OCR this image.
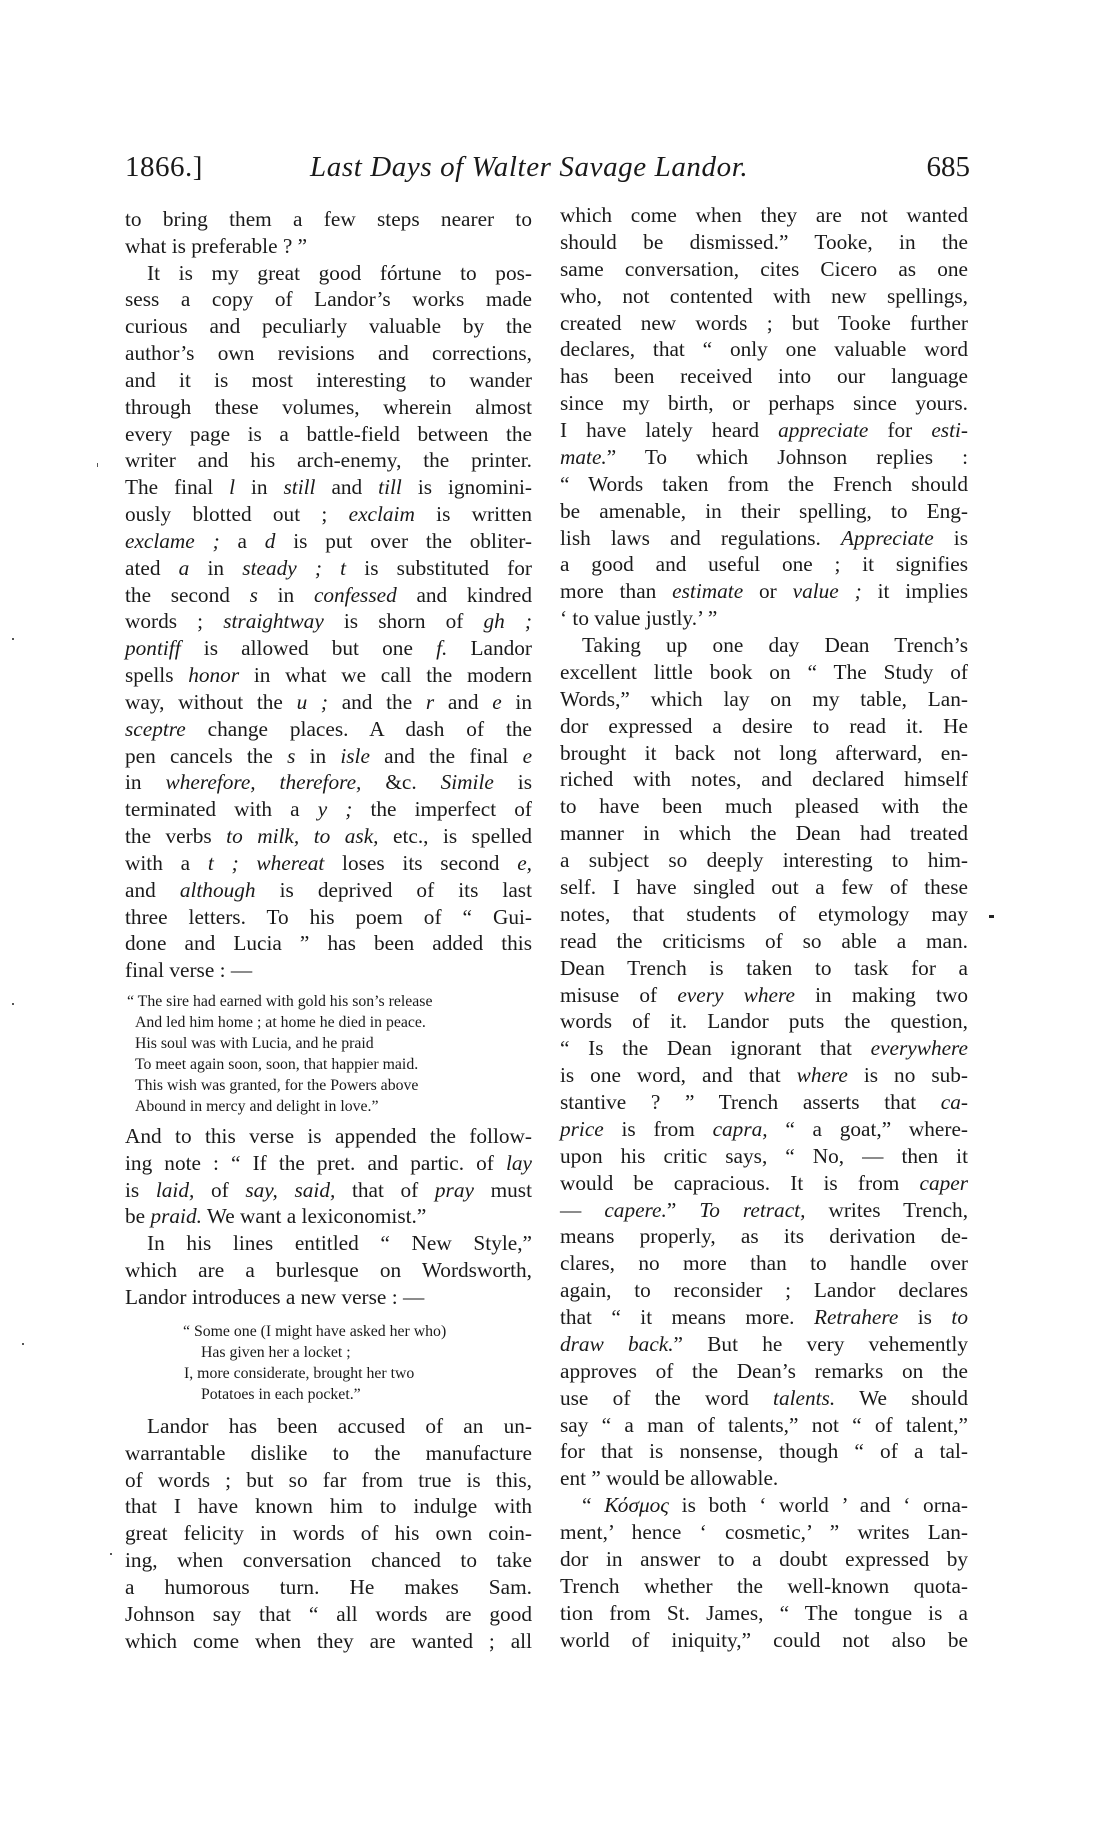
1866.]	Last Days of Walter Savage Landor.	685
to bring them a few steps nearer to
what is preferable ? ”
It is my great good fórtune to pos-
sess a copy of Landor’s works made
curious and peculiarly valuable by the
author’s own revisions and corrections,
and it is most interesting to wander
through these volumes, wherein almost
every page is a battle-field between the
writer and his arch-enemy, the printer.
The final l in still and till is ignomini-
ously blotted out ; exclaim is written
exclame ; a d is put over the obliter-
ated a in steady ; t is substituted for
the second s in confessed and kindred
words ; straightway is shorn of gh ;
pontiff is allowed but one f. Landor
spells honor in what we call the modern
way, without the u ; and the r and e in
sceptre change places. A dash of the
pen cancels the s in isle and the final e
in wherefore, therefore, &c. Simile is
terminated with a y ; the imperfect of
the verbs to milk, to ask, etc., is spelled
with a t ; whereat loses its second e,
and although is deprived of its last
three letters. To his poem of “ Gui-
done and Lucia ” has been added this
final verse : —
“ The sire had earned with gold his son’s release
And led him home ; at home he died in peace.
His soul was with Lucia, and he praid
To meet again soon, soon, that happier maid.
This wish was granted, for the Powers above
Abound in mercy and delight in love.”
And to this verse is appended the follow-
ing note : “ If the pret. and partic. of lay
is laid, of say, said, that of pray must
be praid. We want a lexiconomist.”
In his lines entitled “ New Style,”
which are a burlesque on Wordsworth,
Landor introduces a new verse : —
“ Some one (I might have asked her who)
Has given her a locket ;
I, more considerate, brought her two
Potatoes in each pocket.”
Landor has been accused of an un-
warrantable dislike to the manufacture
of words ; but so far from true is this,
that I have known him to indulge with
great felicity in words of his own coin-
ing, when conversation chanced to take
a humorous turn. He makes Sam.
Johnson say that “ all words are good
which come when they are wanted ; all
which come when they are not wanted
should be dismissed.” Tooke, in the
same conversation, cites Cicero as one
who, not contented with new spellings,
created new words ; but Tooke further
declares, that “ only one valuable word
has been received into our language
since my birth, or perhaps since yours.
I have lately heard appreciate for esti-
mate.” To which Johnson replies :
“ Words taken from the French should
be amenable, in their spelling, to Eng-
lish laws and regulations. Appreciate is
a good and useful one ; it signifies
more than estimate or value ; it implies
‘ to value justly.’ ”
Taking up one day Dean Trench’s
excellent little book on “ The Study of
Words,” which lay on my table, Lan-
dor expressed a desire to read it. He
brought it back not long afterward, en-
riched with notes, and declared himself
to have been much pleased with the
manner in which the Dean had treated
a subject so deeply interesting to him-
self. I have singled out a few of these
notes, that students of etymology may
read the criticisms of so able a man.
Dean Trench is taken to task for a
misuse of every where in making two
words of it. Landor puts the question,
“ Is the Dean ignorant that everywhere
is one word, and that where is no sub-
stantive ? ” Trench asserts that ca-
price is from capra, “ a goat,” where-
upon his critic says, “ No, — then it
would be capracious. It is from caper
— capere.” To retract, writes Trench,
means properly, as its derivation de-
clares, no more than to handle over
again, to reconsider ; Landor declares
that “ it means more. Retrahere is to
draw back.” But he very vehemently
approves of the Dean’s remarks on the
use of the word talents. We should
say “ a man of talents,” not “ of talent,”
for that is nonsense, though “ of a tal-
ent ” would be allowable.
“ Κόσμος is both ‘ world ’ and ‘ orna-
ment,’ hence ‘ cosmetic,’ ” writes Lan-
dor in answer to a doubt expressed by
Trench whether the well-known quota-
tion from St. James, “ The tongue is a
world of iniquity,” could not also be
